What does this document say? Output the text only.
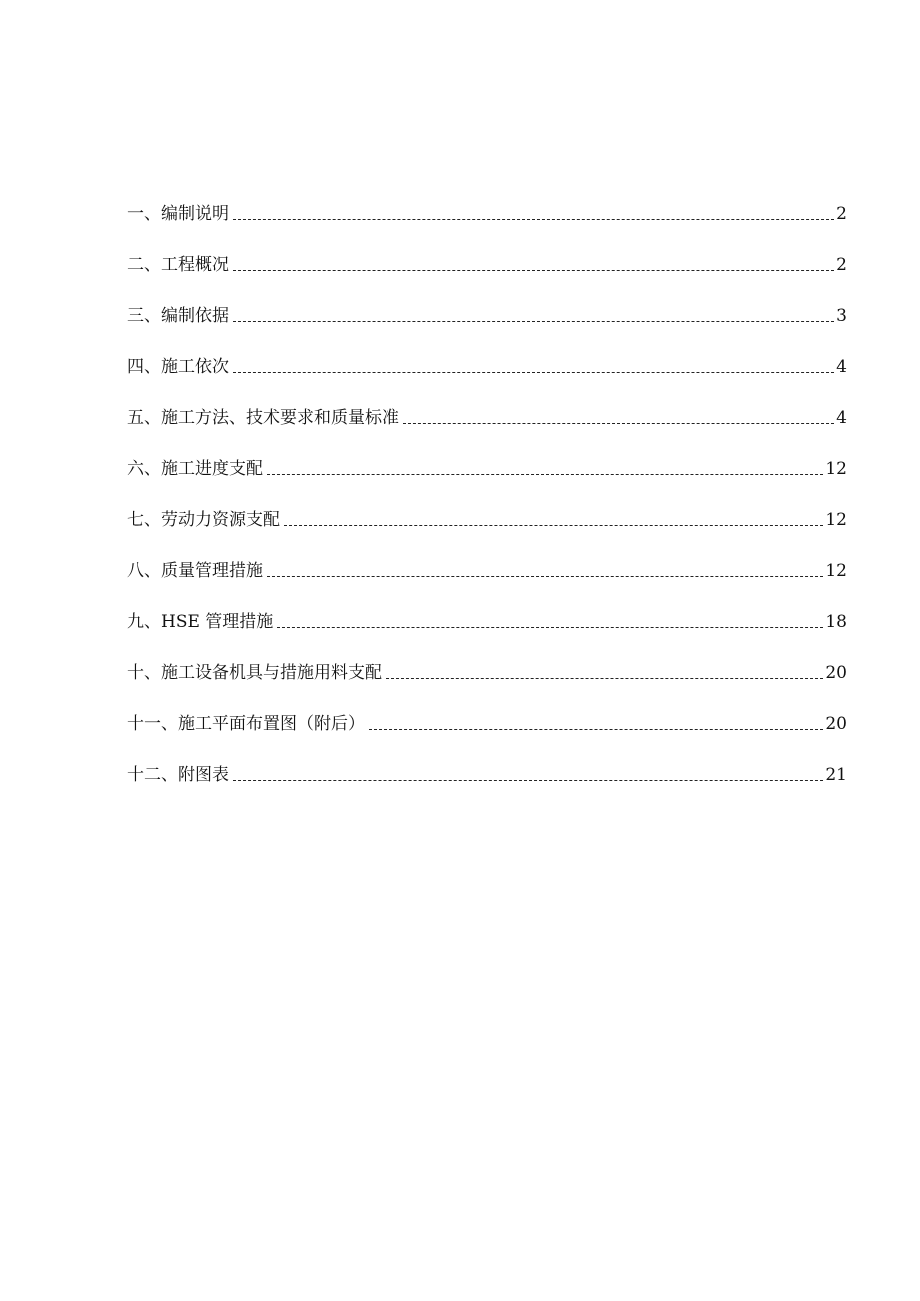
一、编制说明	2
二、工程概况	2
三、编制依据	3
四、施工依次	4
五、施工方法、技术要求和质量标准	4
六、施工进度支配	12
七、劳动力资源支配	12
八、质量管理措施	12
九、HSE 管理措施	18
十、施工设备机具与措施用料支配	20
十一、施工平面布置图（附后）	20
十二、附图表	21
